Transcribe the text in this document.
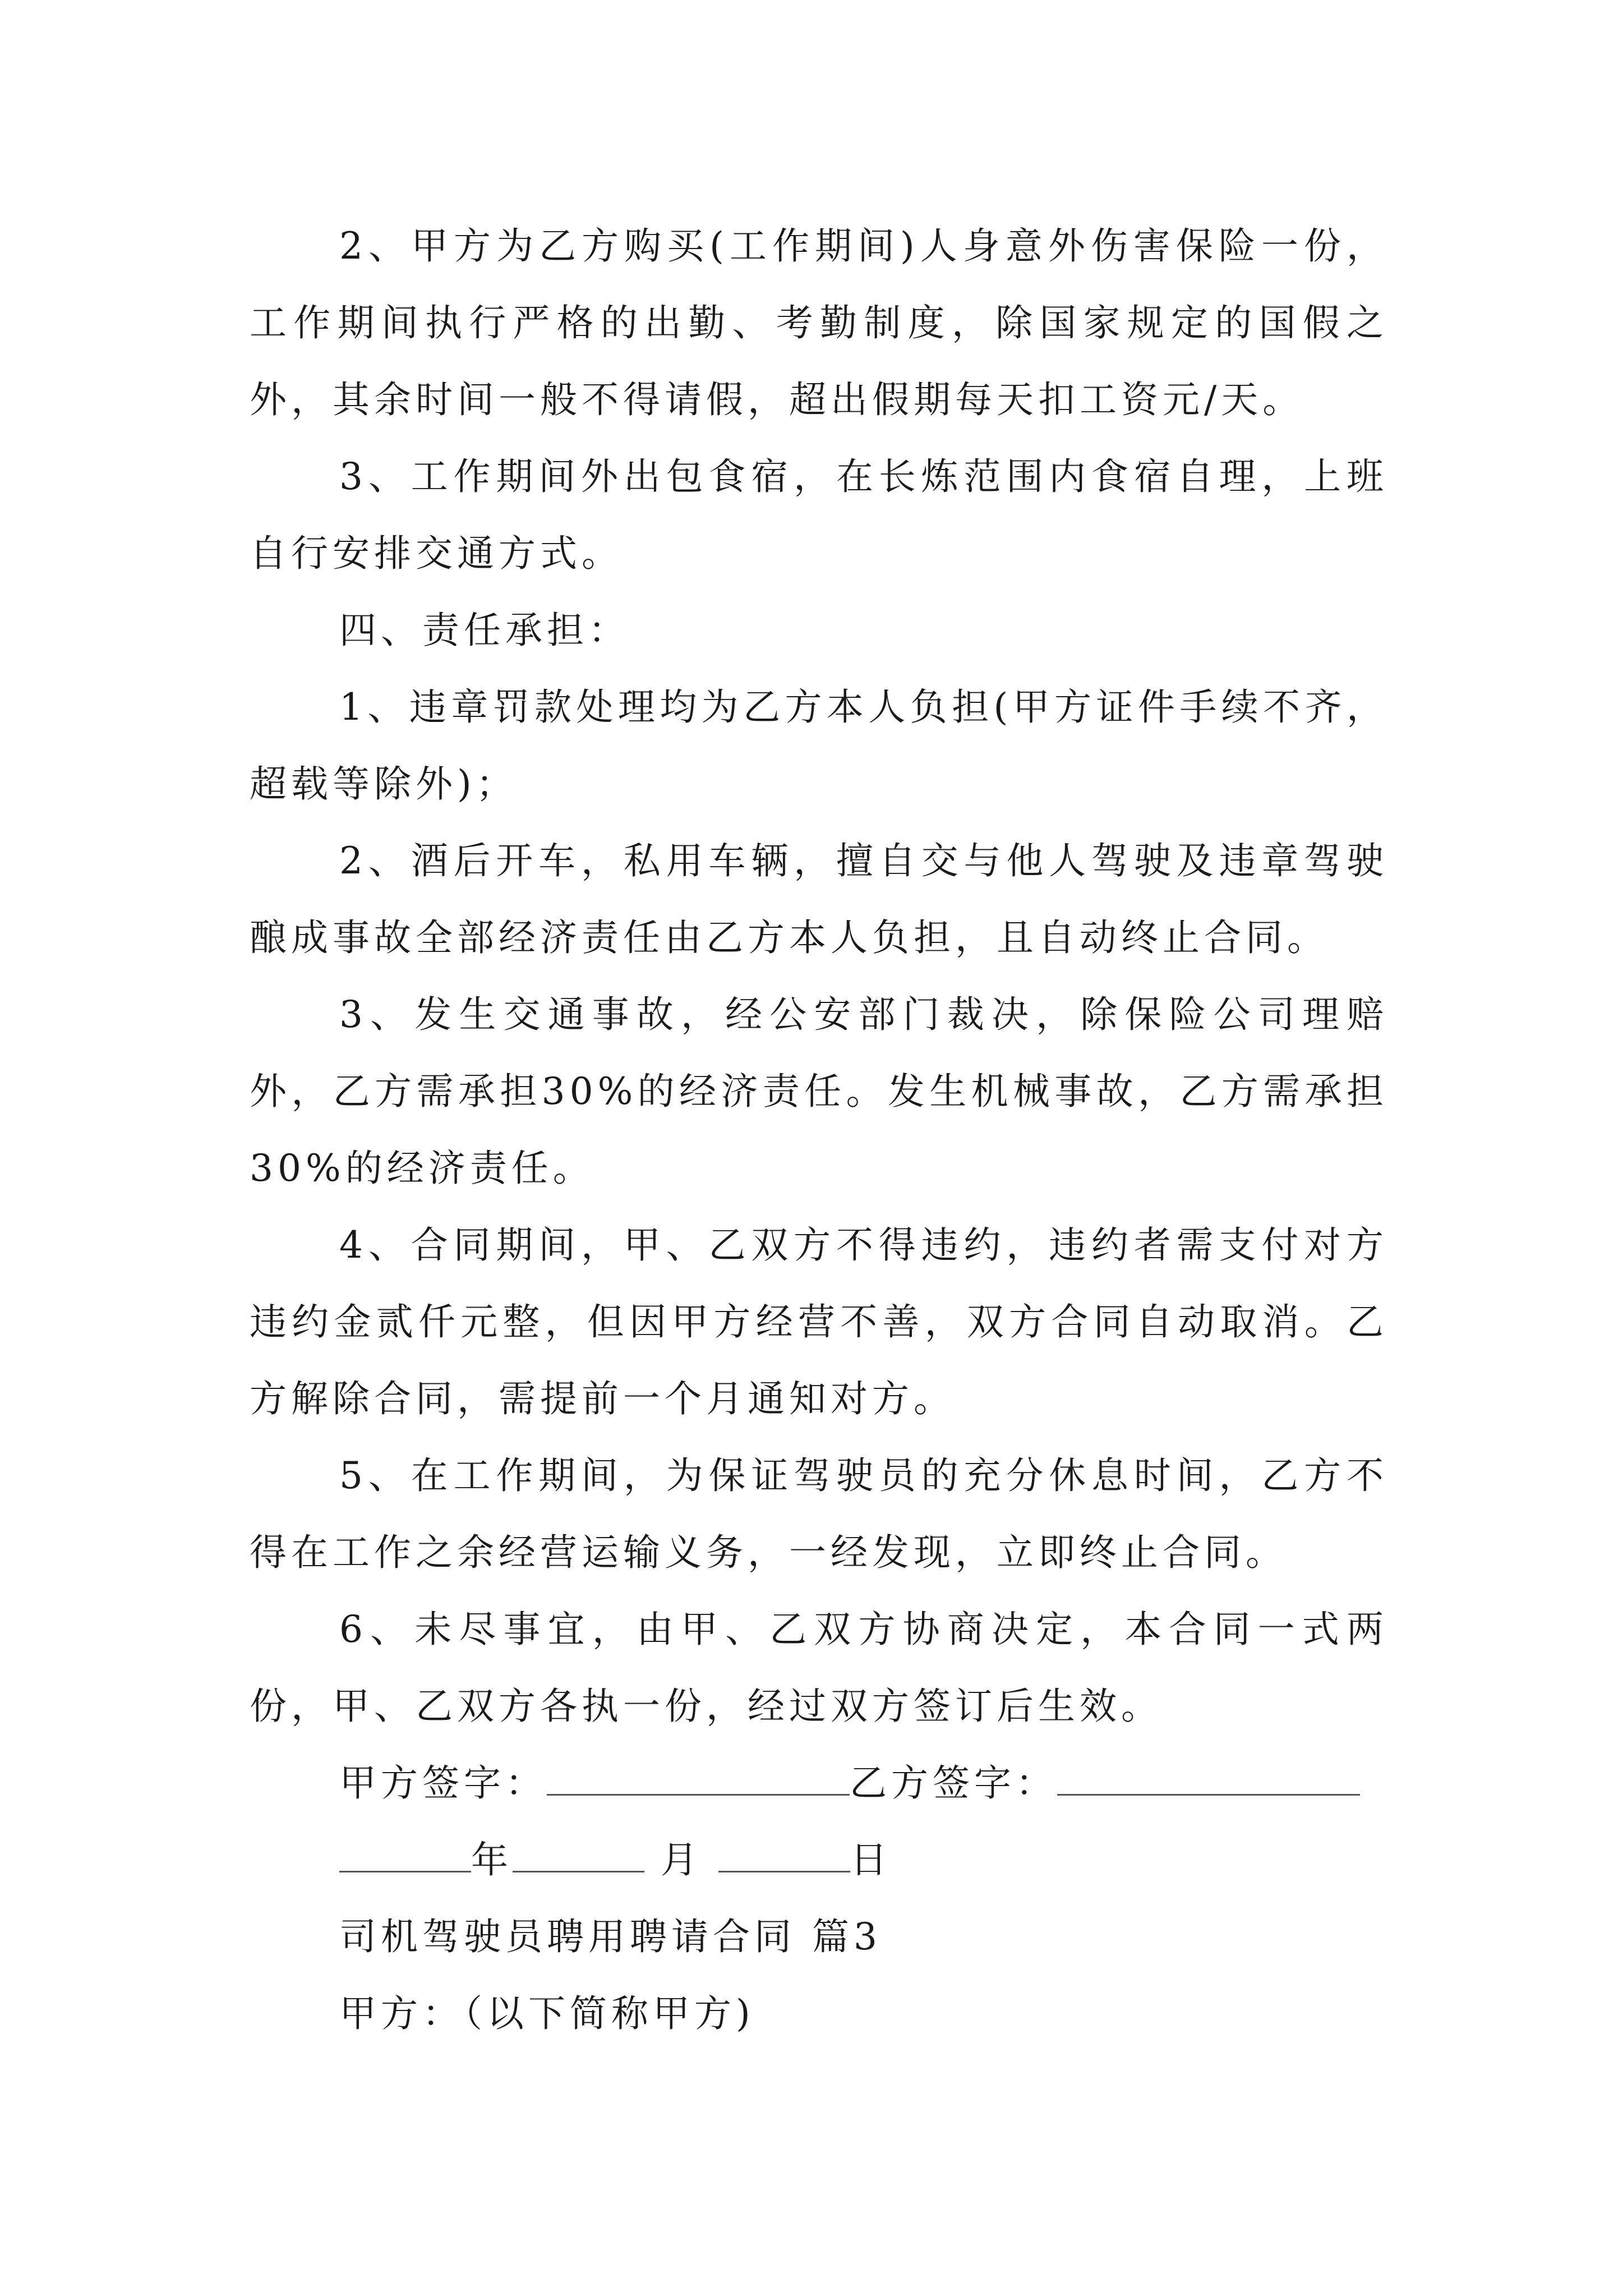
2、甲方为乙方购买(工作期间)人身意外伤害保险一份，工作期间执行严格的出勤、考勤制度，除国家规定的国假之外，其余时间一般不得请假，超出假期每天扣工资元/天。

3、工作期间外出包食宿，在长炼范围内食宿自理，上班自行安排交通方式。

四、责任承担：

1、违章罚款处理均为乙方本人负担(甲方证件手续不齐，超载等除外)；

2、酒后开车，私用车辆，擅自交与他人驾驶及违章驾驶酿成事故全部经济责任由乙方本人负担，且自动终止合同。

3、发生交通事故，经公安部门裁决，除保险公司理赔外，乙方需承担30%的经济责任。发生机械事故，乙方需承担30%的经济责任。

4、合同期间，甲、乙双方不得违约，违约者需支付对方违约金贰仟元整，但因甲方经营不善，双方合同自动取消。乙方解除合同，需提前一个月通知对方。

5、在工作期间，为保证驾驶员的充分休息时间，乙方不得在工作之余经营运输义务，一经发现，立即终止合同。

6、未尽事宜，由甲、乙双方协商决定，本合同一式两份，甲、乙双方各执一份，经过双方签订后生效。

甲方签字：	乙方签字：

年	月	日

司机驾驶员聘用聘请合同 篇3

甲方：（以下简称甲方)
